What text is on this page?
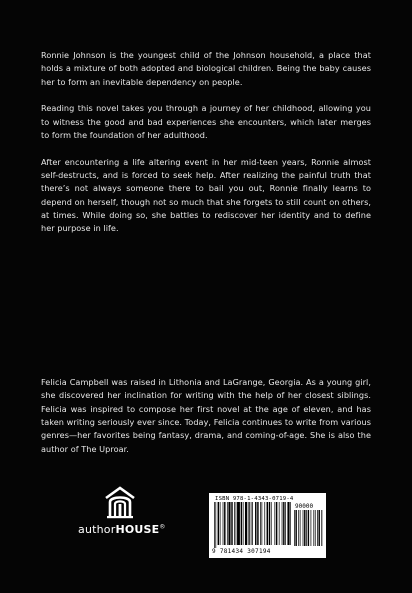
Ronnie Johnson is the youngest child of the Johnson household, a place that holds a mixture of both adopted and biological children. Being the baby causes her to form an inevitable dependency on people.

Reading this novel takes you through a journey of her childhood, allowing you to witness the good and bad experiences she encounters, which later merges to form the foundation of her adulthood.

After encountering a life altering event in her mid-teen years, Ronnie almost self-destructs, and is forced to seek help. After realizing the painful truth that there’s not always someone there to bail you out, Ronnie finally learns to depend on herself, though not so much that she forgets to still count on others, at times. While doing so, she battles to rediscover her identity and to define her purpose in life.

Felicia Campbell was raised in Lithonia and LaGrange, Georgia. As a young girl, she discovered her inclination for writing with the help of her closest siblings. Felicia was inspired to compose her first novel at the age of eleven, and has taken writing seriously ever since. Today, Felicia continues to write from various genres—her favorites being fantasy, drama, and coming-of-age. She is also the author of The Uproar.

authorHOUSE®
ISBN 978-1-4343-0719-4
90000
9 781434 307194
